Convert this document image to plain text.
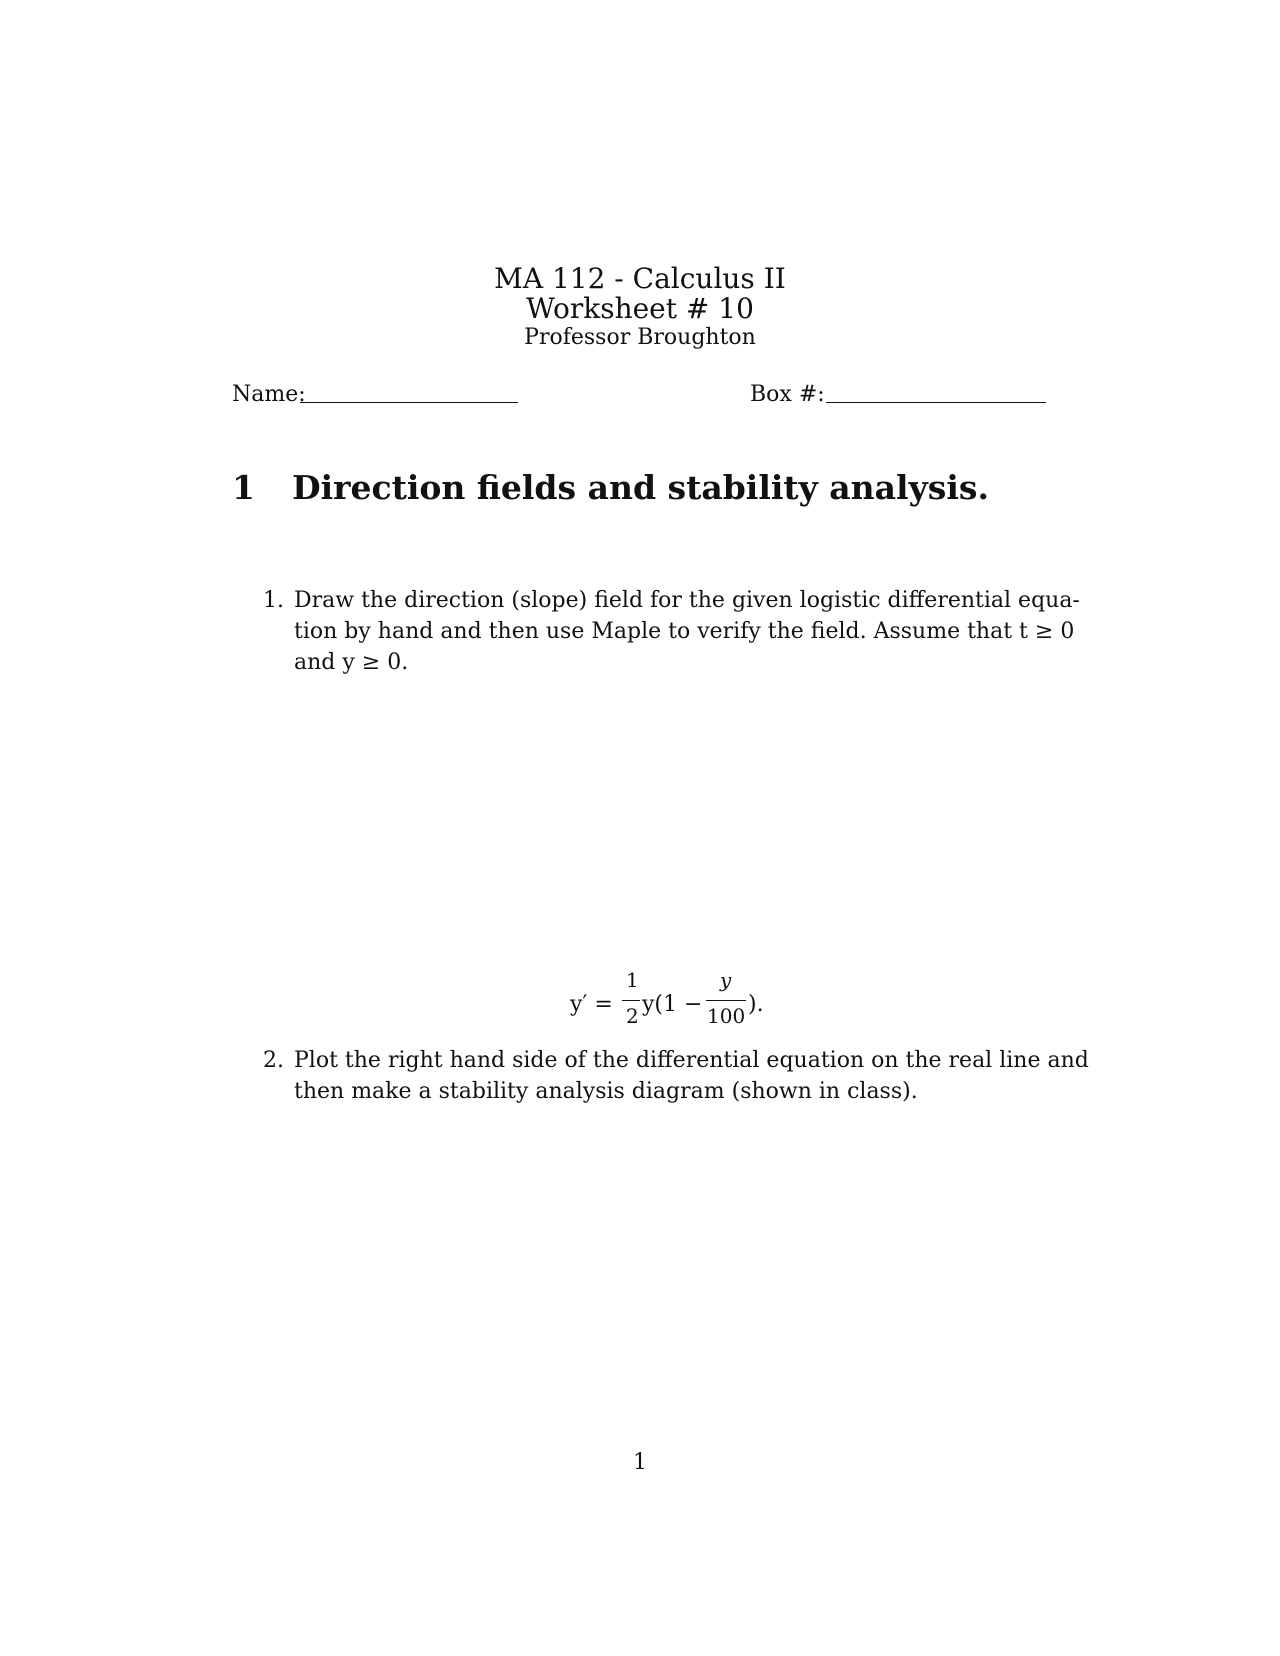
MA 112 - Calculus II
Worksheet # 10
Professor Broughton
Name:	Box #:
1 Direction fields and stability analysis.
1. Draw the direction (slope) field for the given logistic differential equa-
tion by hand and then use Maple to verify the field. Assume that t ≥ 0
and y ≥ 0.
y′ =
1
2 y(1 −
y
100 ).
2. Plot the right hand side of the differential equation on the real line and
then make a stability analysis diagram (shown in class).
1
